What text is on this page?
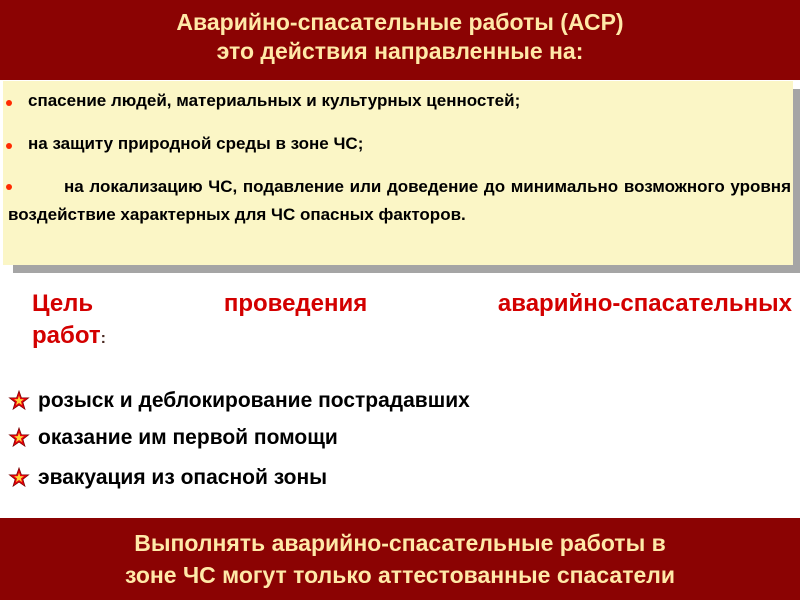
Аварийно-спасательные работы (АСР)
это действия направленные на:
спасение людей, материальных и культурных ценностей;
на защиту природной среды в зоне ЧС;
на локализацию ЧС, подавление или доведение до минимально возможного уровня воздействие характерных для ЧС опасных факторов.
Цель	проведения	аварийно-спасательных
работ:
розыск и деблокирование пострадавших
оказание им первой помощи
эвакуация из опасной зоны
Выполнять аварийно-спасательные работы в
зоне ЧС могут только аттестованные спасатели
